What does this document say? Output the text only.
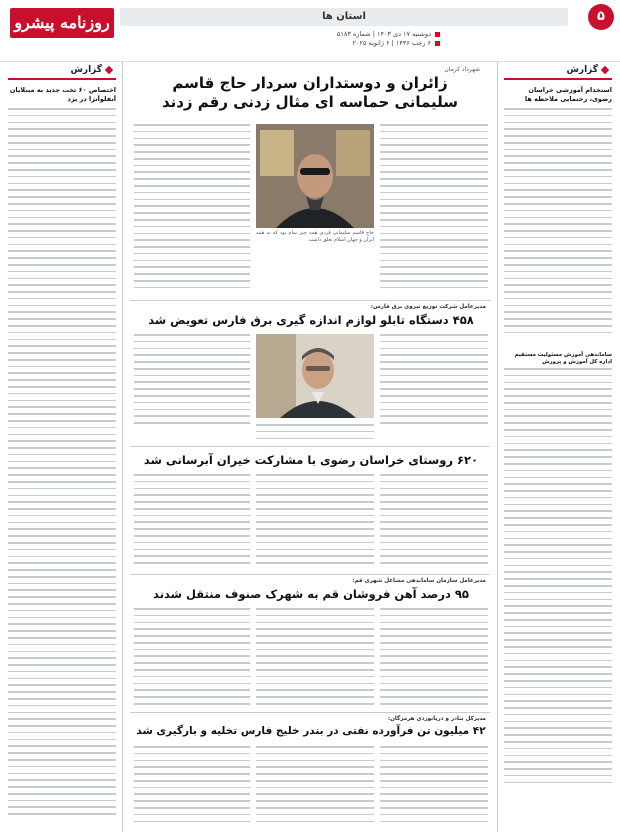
۵
استان ها
روزنامه پیشرو
دوشنبه ۱۷ دی ۱۴۰۳ | شماره ۵۱۸۳
۶ رجب ۱۴۴۶ | ۶ ژانویه ۲۰۲۵
گزارش
گزارش
استخدام آموزشی خراسان رضوی، رخنمایی ملاحظه ها
ساماندهی آموزش مسئولیت مستقیم اداره کل آموزش و پرورش
اختصاص ۶۰ تخت جدید به مبتلایان آنفلوآنزا در یزد
شهرداد کرمان
زائران و دوستداران سردار حاج قاسم سلیمانی حماسه ای مثال زدنی رقم زدند
حاج قاسم سلیمانی فردی همه چیز تمام بود که به همه ایران و جهان اسلام تعلق داشت
مدیرعامل شرکت توزیع نیروی برق فارس:
۴۵۸ دستگاه تابلو لوازم اندازه گیری برق فارس تعویض شد
۶۲۰ روستای خراسان رضوی با مشارکت خیران آبرسانی شد
مدیرعامل سازمان ساماندهی مشاغل شهری قم:
۹۵ درصد آهن فروشان قم به شهرک صنوف منتقل شدند
مدیرکل بنادر و دریانوردی هرمزگان:
۴۲ میلیون تن فرآورده نفتی در بندر خلیج فارس تخلیه و بارگیری شد
